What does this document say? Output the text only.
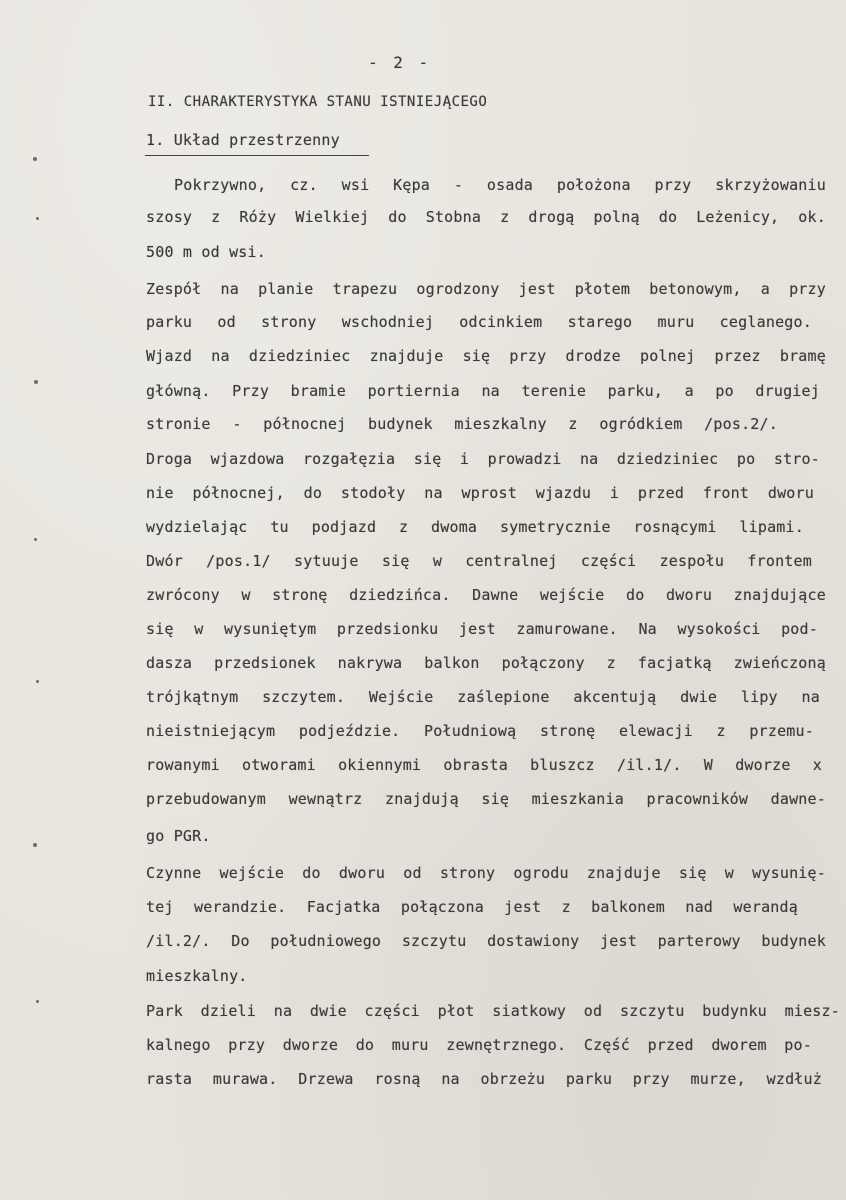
- 2 -
II. CHARAKTERYSTYKA STANU ISTNIEJĄCEGO
1. Układ przestrzenny
Pokrzywno, cz. wsi Kępa - osada położona przy skrzyżowaniu
szosy z Róży Wielkiej do Stobna z drogą polną do Leżenicy, ok.
500 m od wsi.
Zespół na planie trapezu ogrodzony jest płotem betonowym, a przy
parku od strony wschodniej odcinkiem starego muru ceglanego.
Wjazd na dziedziniec znajduje się przy drodze polnej przez bramę
główną. Przy bramie portiernia na terenie parku, a po drugiej
stronie - północnej budynek mieszkalny z ogródkiem /pos.2/.
Droga wjazdowa rozgałęzia się i prowadzi na dziedziniec po stro-
nie północnej, do stodoły na wprost wjazdu i przed front dworu
wydzielając tu podjazd z dwoma symetrycznie rosnącymi lipami.
Dwór /pos.1/ sytuuje się w centralnej części zespołu frontem
zwrócony w stronę dziedzińca. Dawne wejście do dworu znajdujące
się w wysuniętym przedsionku jest zamurowane. Na wysokości pod-
dasza przedsionek nakrywa balkon połączony z facjatką zwieńczoną
trójkątnym szczytem. Wejście zaślepione akcentują dwie lipy na
nieistniejącym podjeździe. Południową stronę elewacji z przemu-
rowanymi otworami okiennymi obrasta bluszcz /il.1/. W dworze x
przebudowanym wewnątrz znajdują się mieszkania pracowników dawne-
go PGR.
Czynne wejście do dworu od strony ogrodu znajduje się w wysunię-
tej werandzie. Facjatka połączona jest z balkonem nad werandą
/il.2/. Do południowego szczytu dostawiony jest parterowy budynek
mieszkalny.
Park dzieli na dwie części płot siatkowy od szczytu budynku miesz-
kalnego przy dworze do muru zewnętrznego. Część przed dworem po-
rasta murawa. Drzewa rosną na obrzeżu parku przy murze, wzdłuż
